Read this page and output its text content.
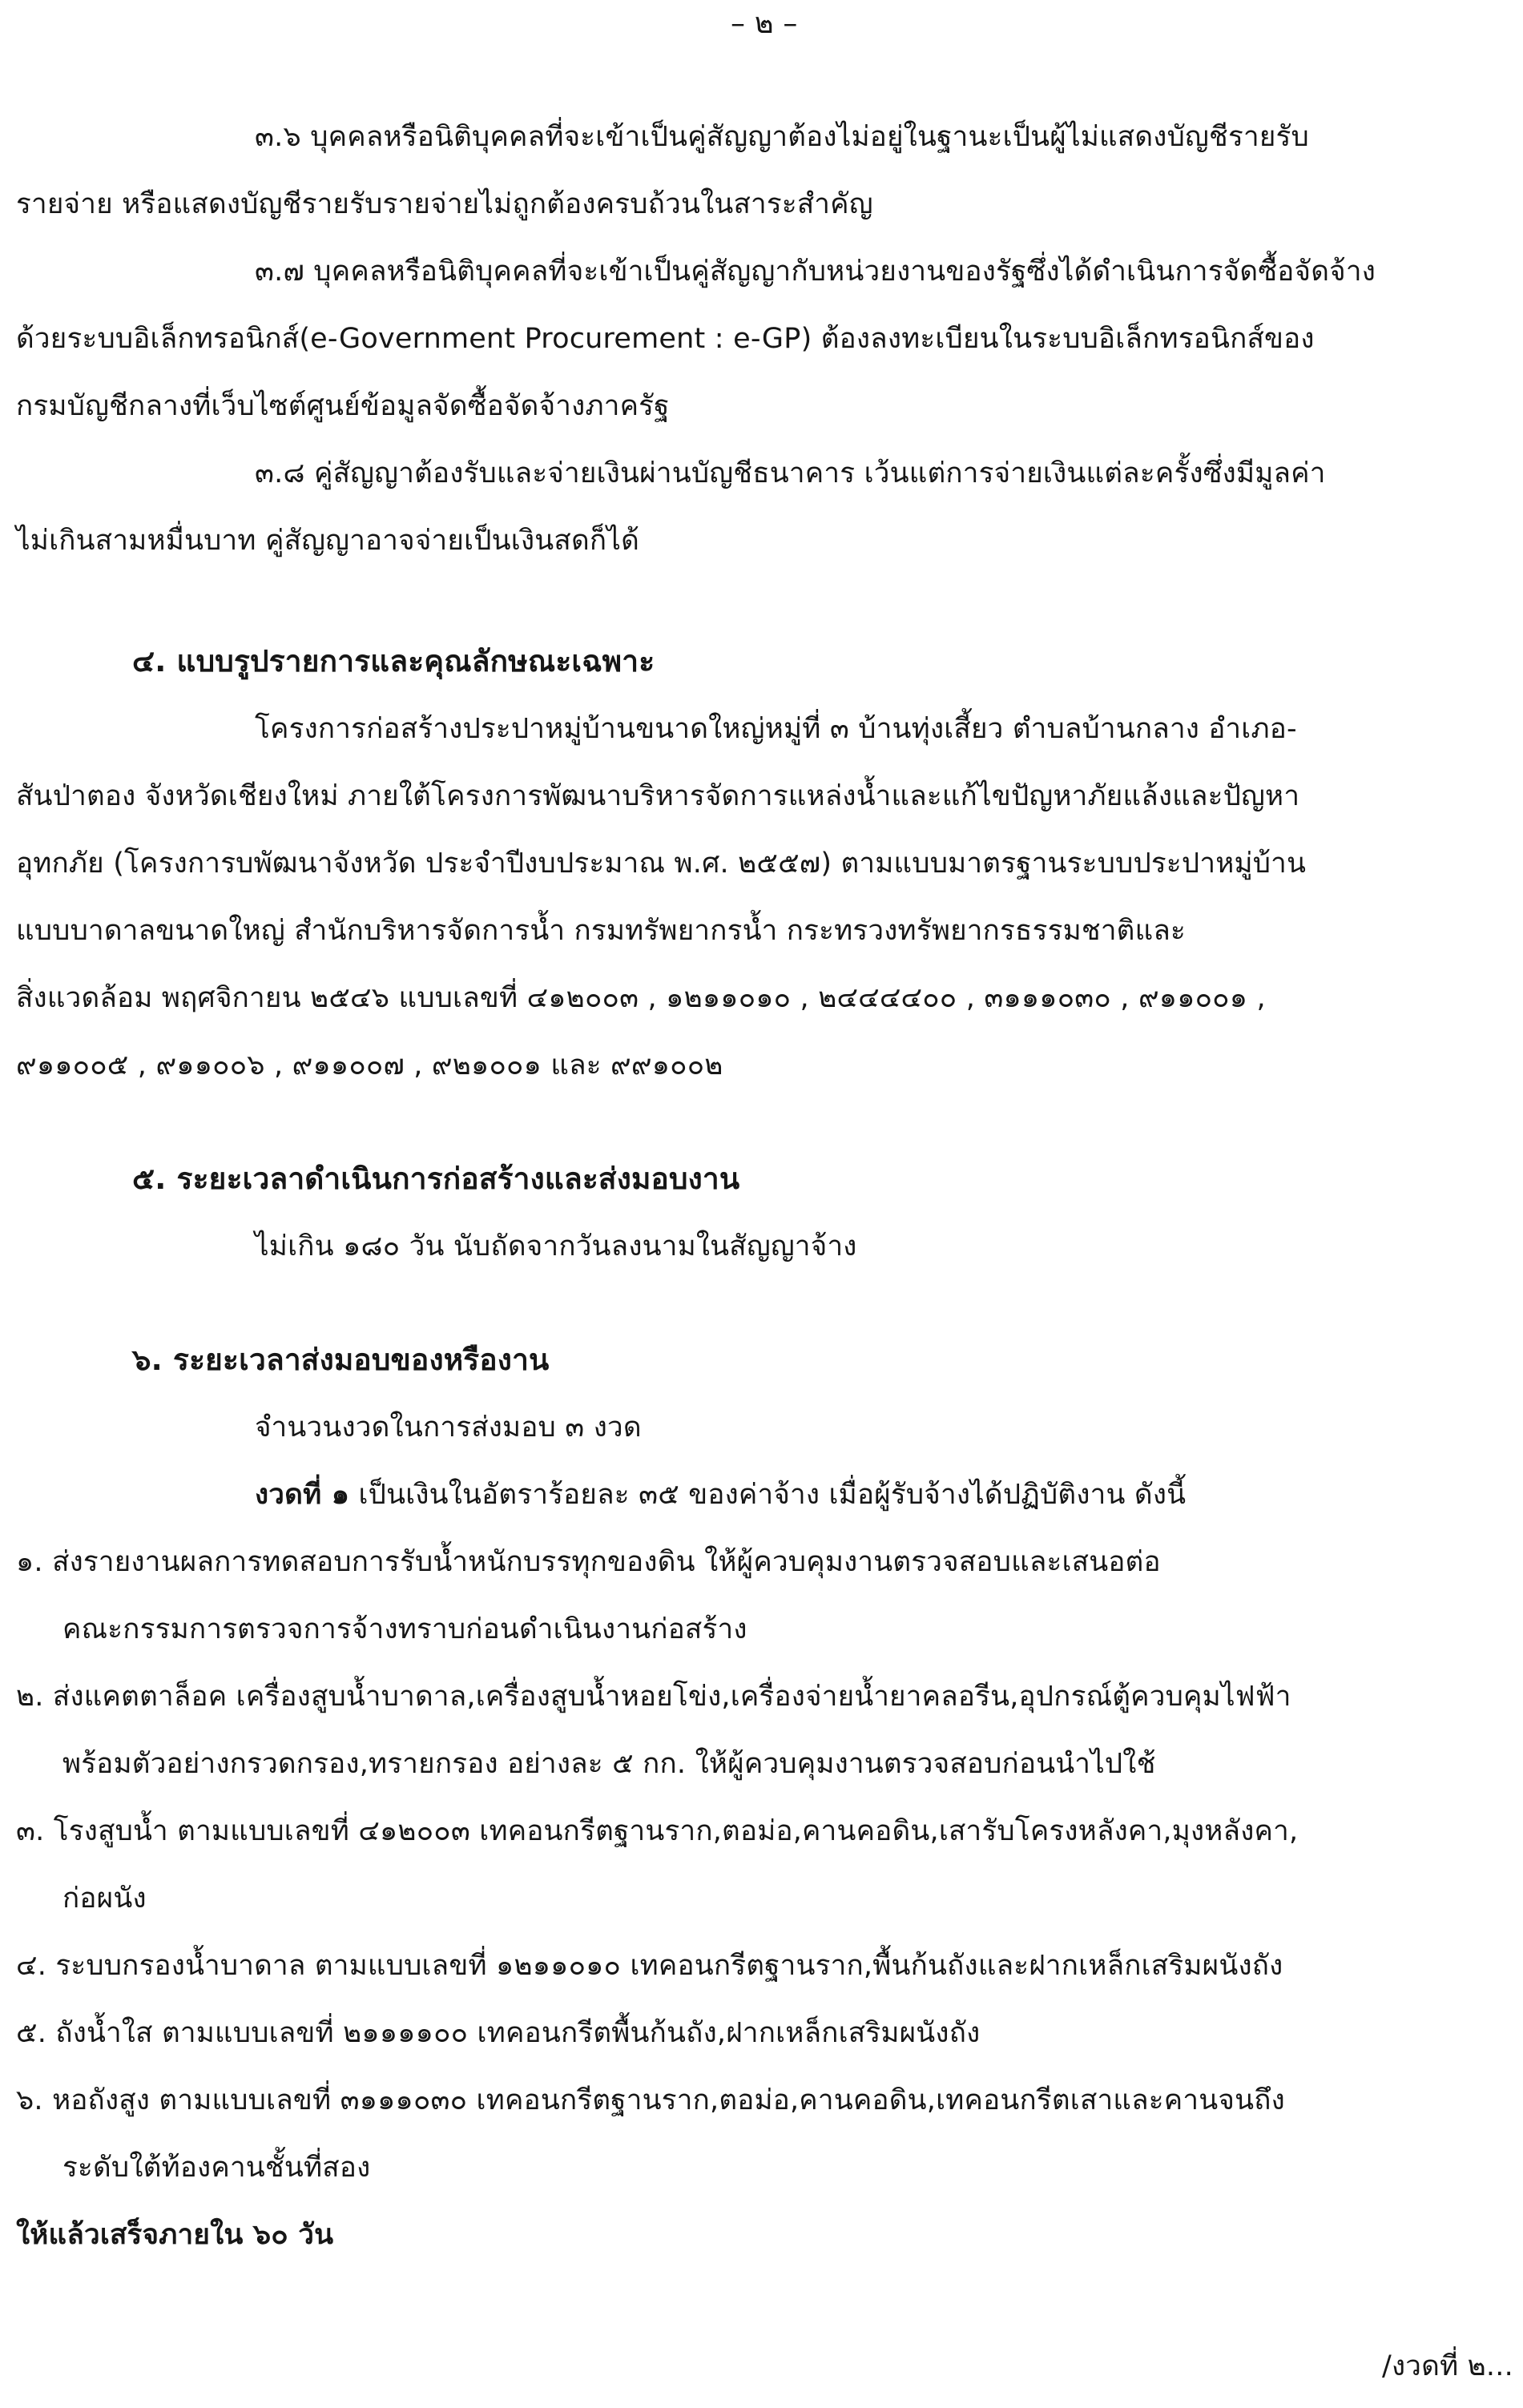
– ๒ –
๓.๖ บุคคลหรือนิติบุคคลที่จะเข้าเป็นคู่สัญญาต้องไม่อยู่ในฐานะเป็นผู้ไม่แสดงบัญชีรายรับ
รายจ่าย หรือแสดงบัญชีรายรับรายจ่ายไม่ถูกต้องครบถ้วนในสาระสำคัญ
๓.๗ บุคคลหรือนิติบุคคลที่จะเข้าเป็นคู่สัญญากับหน่วยงานของรัฐซึ่งได้ดำเนินการจัดซื้อจัดจ้าง
ด้วยระบบอิเล็กทรอนิกส์(e-Government Procurement : e-GP) ต้องลงทะเบียนในระบบอิเล็กทรอนิกส์ของ
กรมบัญชีกลางที่เว็บไซต์ศูนย์ข้อมูลจัดซื้อจัดจ้างภาครัฐ
๓.๘ คู่สัญญาต้องรับและจ่ายเงินผ่านบัญชีธนาคาร เว้นแต่การจ่ายเงินแต่ละครั้งซึ่งมีมูลค่า
ไม่เกินสามหมื่นบาท คู่สัญญาอาจจ่ายเป็นเงินสดก็ได้
๔. แบบรูปรายการและคุณลักษณะเฉพาะ
โครงการก่อสร้างประปาหมู่บ้านขนาดใหญ่หมู่ที่ ๓ บ้านทุ่งเสี้ยว ตำบลบ้านกลาง อำเภอ-
สันป่าตอง จังหวัดเชียงใหม่ ภายใต้โครงการพัฒนาบริหารจัดการแหล่งน้ำและแก้ไขปัญหาภัยแล้งและปัญหา
อุทกภัย (โครงการบพัฒนาจังหวัด ประจำปีงบประมาณ พ.ศ. ๒๕๕๗) ตามแบบมาตรฐานระบบประปาหมู่บ้าน
แบบบาดาลขนาดใหญ่ สำนักบริหารจัดการน้ำ กรมทรัพยากรน้ำ กระทรวงทรัพยากรธรรมชาติและ
สิ่งแวดล้อม พฤศจิกายน ๒๕๔๖ แบบเลขที่ ๔๑๒๐๐๓ , ๑๒๑๑๐๑๐ , ๒๔๔๔๔๐๐ , ๓๑๑๑๐๓๐ , ๙๑๑๐๐๑ ,
๙๑๑๐๐๕ , ๙๑๑๐๐๖ , ๙๑๑๐๐๗ , ๙๒๑๐๐๑ และ ๙๙๑๐๐๒
๕. ระยะเวลาดำเนินการก่อสร้างและส่งมอบงาน
ไม่เกิน ๑๘๐ วัน นับถัดจากวันลงนามในสัญญาจ้าง
๖. ระยะเวลาส่งมอบของหรืองาน
จำนวนงวดในการส่งมอบ ๓ งวด
งวดที่ ๑ เป็นเงินในอัตราร้อยละ ๓๕ ของค่าจ้าง เมื่อผู้รับจ้างได้ปฏิบัติงาน ดังนี้
๑. ส่งรายงานผลการทดสอบการรับน้ำหนักบรรทุกของดิน ให้ผู้ควบคุมงานตรวจสอบและเสนอต่อ
คณะกรรมการตรวจการจ้างทราบก่อนดำเนินงานก่อสร้าง
๒. ส่งแคตตาล็อค เครื่องสูบน้ำบาดาล,เครื่องสูบน้ำหอยโข่ง,เครื่องจ่ายน้ำยาคลอรีน,อุปกรณ์ตู้ควบคุมไฟฟ้า
พร้อมตัวอย่างกรวดกรอง,ทรายกรอง อย่างละ ๕ กก. ให้ผู้ควบคุมงานตรวจสอบก่อนนำไปใช้
๓. โรงสูบน้ำ ตามแบบเลขที่ ๔๑๒๐๐๓ เทคอนกรีตฐานราก,ตอม่อ,คานคอดิน,เสารับโครงหลังคา,มุงหลังคา,
ก่อผนัง
๔. ระบบกรองน้ำบาดาล ตามแบบเลขที่ ๑๒๑๑๐๑๐ เทคอนกรีตฐานราก,พื้นก้นถังและฝากเหล็กเสริมผนังถัง
๕. ถังน้ำใส ตามแบบเลขที่ ๒๑๑๑๑๐๐ เทคอนกรีตพื้นก้นถัง,ฝากเหล็กเสริมผนังถัง
๖. หอถังสูง ตามแบบเลขที่ ๓๑๑๑๐๓๐ เทคอนกรีตฐานราก,ตอม่อ,คานคอดิน,เทคอนกรีตเสาและคานจนถึง
ระดับใต้ท้องคานชั้นที่สอง
ให้แล้วเสร็จภายใน ๖๐ วัน
/งวดที่ ๒...
